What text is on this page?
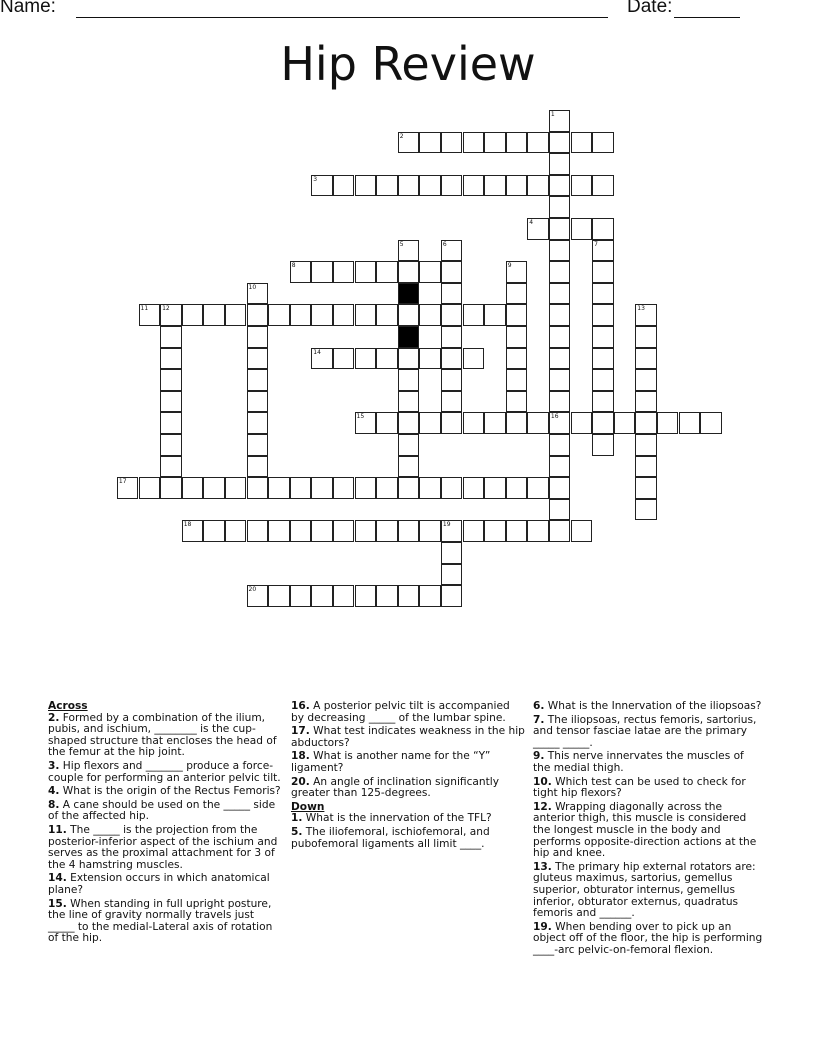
Name:	Date:
Hip Review
1
16
2
3
4
5	6	7
8	9
10
11 12	13
14
15
17
18	19
20
Across
2. Formed by a combination of the ilium, pubis, and ischium, ________ is the cup-shaped structure that encloses the head of the femur at the hip joint.
3. Hip flexors and _______ produce a force-couple for performing an anterior pelvic tilt.
4. What is the origin of the Rectus Femoris?
8. A cane should be used on the _____ side of the affected hip.
11. The _____ is the projection from the posterior-inferior aspect of the ischium and serves as the proximal attachment for 3 of the 4 hamstring muscles.
14. Extension occurs in which anatomical plane?
15. When standing in full upright posture, the line of gravity normally travels just _____ to the medial-Lateral axis of rotation of the hip.
16. A posterior pelvic tilt is accompanied by decreasing _____ of the lumbar spine.
17. What test indicates weakness in the hip abductors?
18. What is another name for the “Y” ligament?
20. An angle of inclination significantly greater than 125-degrees.
Down
1. What is the innervation of the TFL?
5. The iliofemoral, ischiofemoral, and pubofemoral ligaments all limit ____.
6. What is the Innervation of the iliopsoas?
7. The iliopsoas, rectus femoris, sartorius, and tensor fasciae latae are the primary _____ _____.
9. This nerve innervates the muscles of the medial thigh.
10. Which test can be used to check for tight hip flexors?
12. Wrapping diagonally across the anterior thigh, this muscle is considered the longest muscle in the body and performs opposite-direction actions at the hip and knee.
13. The primary hip external rotators are: gluteus maximus, sartorius, gemellus superior, obturator internus, gemellus inferior, obturator externus, quadratus femoris and ______.
19. When bending over to pick up an object off of the floor, the hip is performing ____-arc pelvic-on-femoral flexion.
